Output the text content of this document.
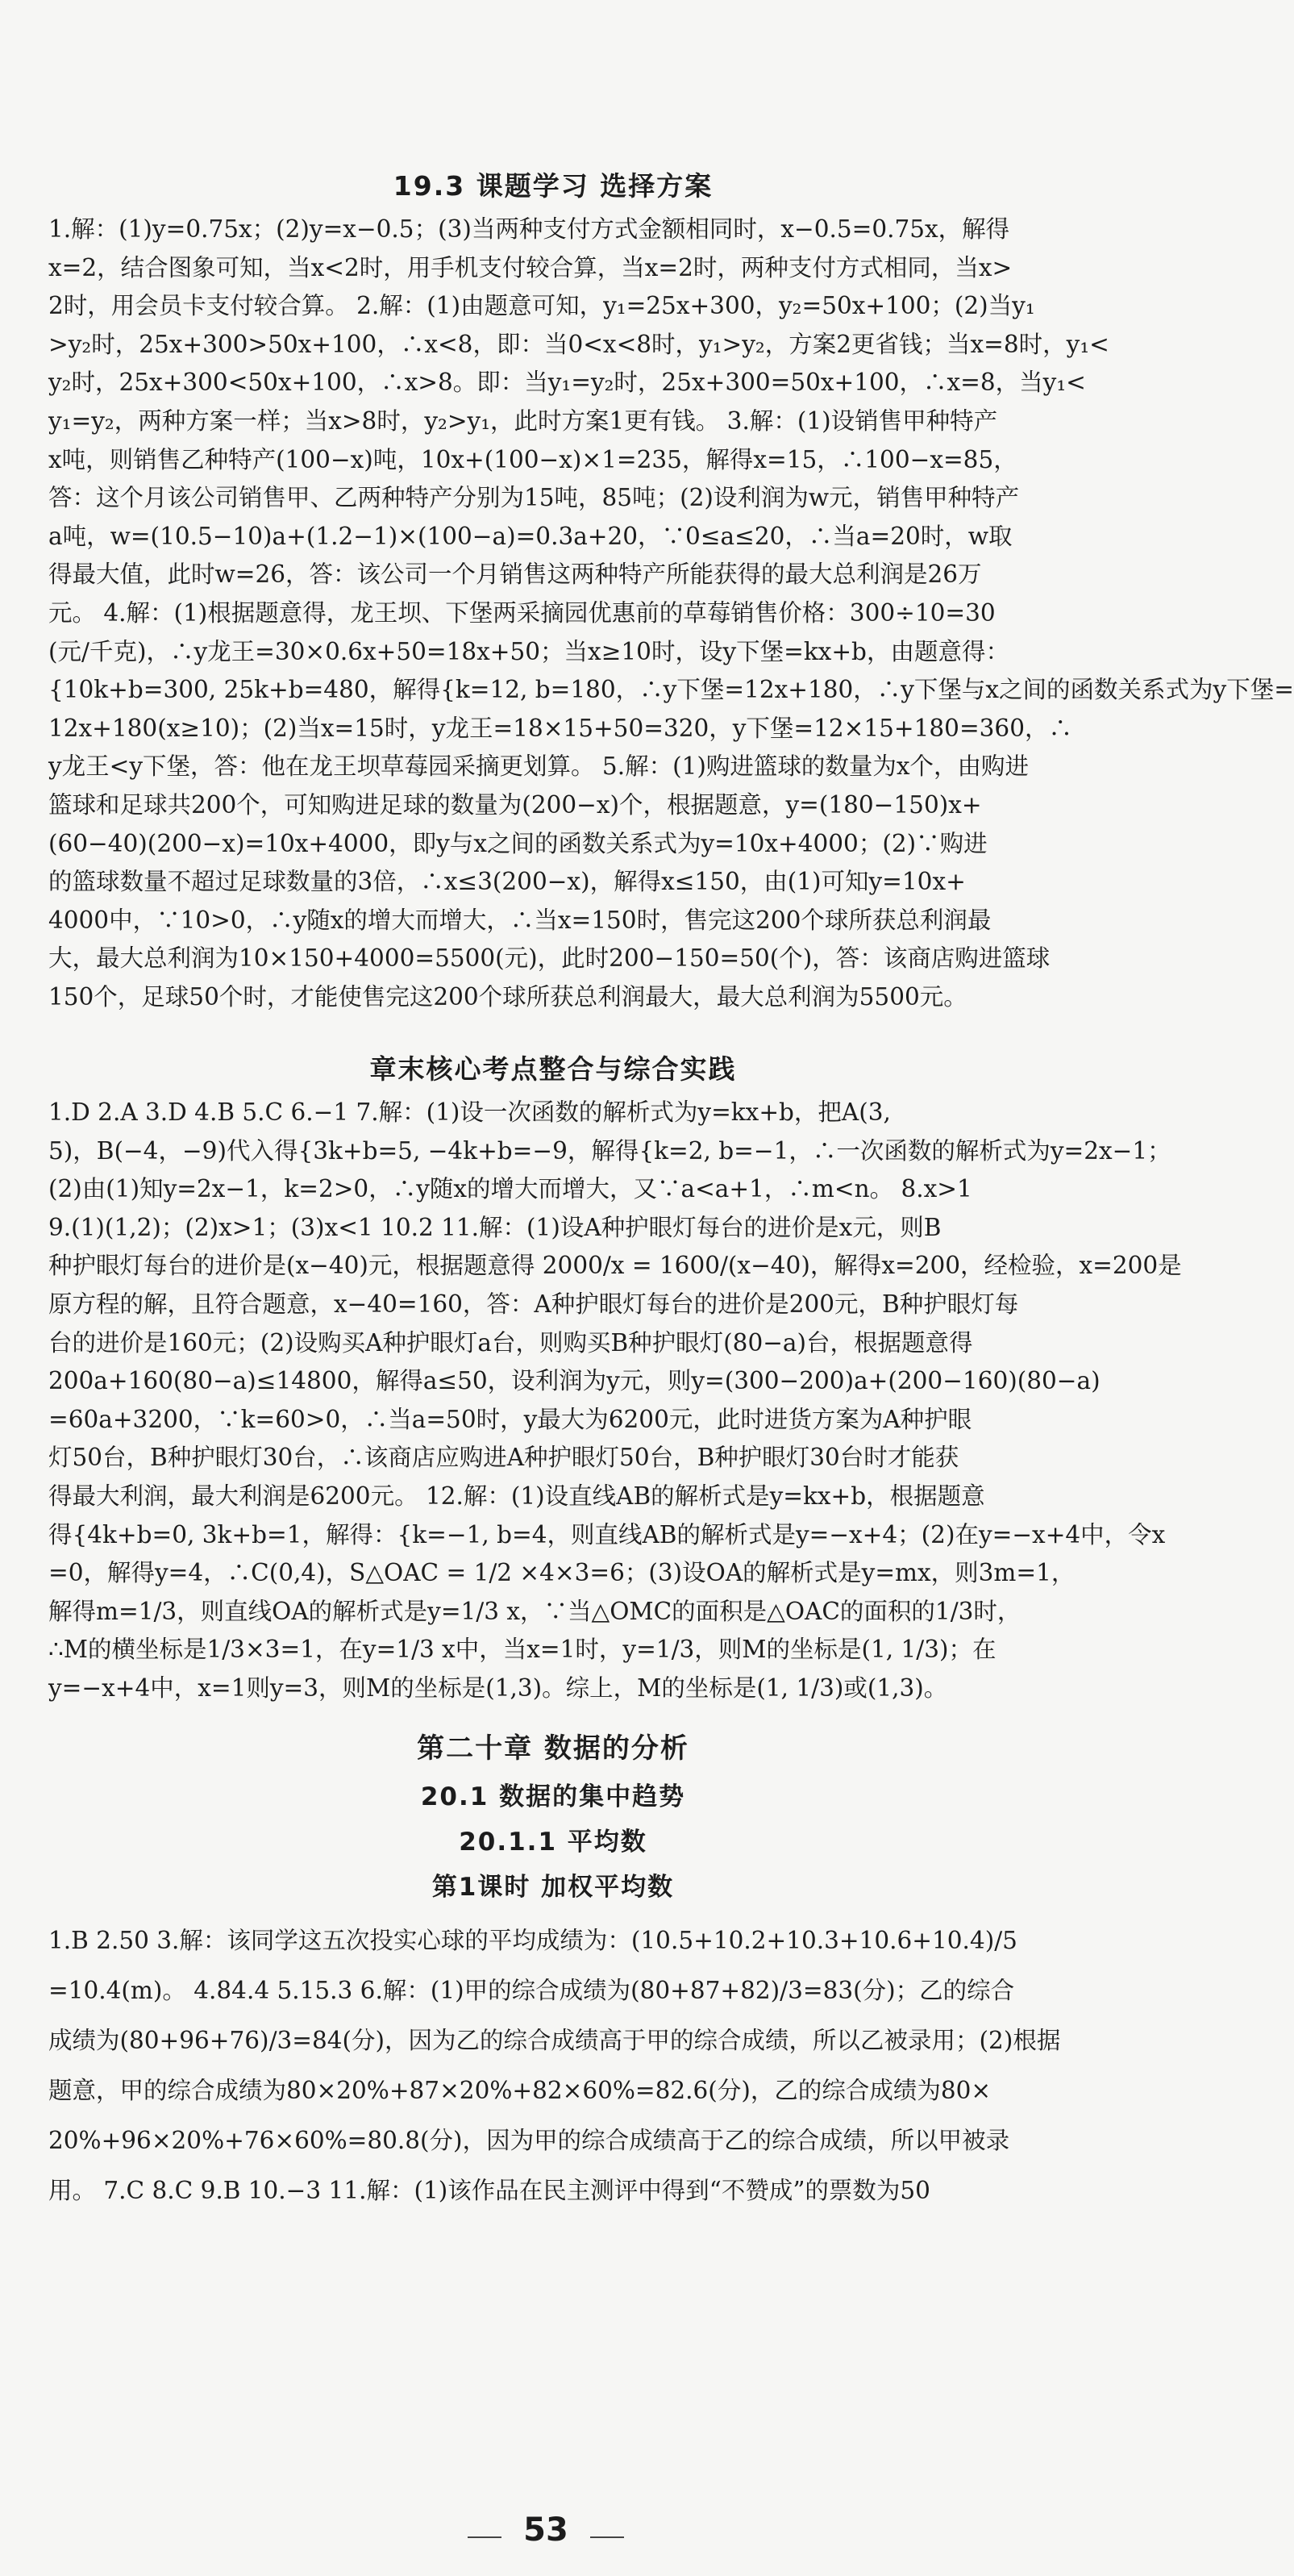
19.3 课题学习 选择方案

1.解：(1)y=0.75x；(2)y=x−0.5；(3)当两种支付方式金额相同时，x−0.5=0.75x，解得

x=2，结合图象可知，当x<2时，用手机支付较合算，当x=2时，两种支付方式相同，当x>

2时，用会员卡支付较合算。 2.解：(1)由题意可知，y₁=25x+300，y₂=50x+100；(2)当y₁

>y₂时，25x+300>50x+100，∴x<8，即：当0<x<8时，y₁>y₂，方案2更省钱；当x=8时，y₁<

y₂时，25x+300<50x+100，∴x>8。即：当y₁=y₂时，25x+300=50x+100，∴x=8，当y₁<

y₁=y₂，两种方案一样；当x>8时，y₂>y₁，此时方案1更有钱。 3.解：(1)设销售甲种特产

x吨，则销售乙种特产(100−x)吨，10x+(100−x)×1=235，解得x=15，∴100−x=85，

答：这个月该公司销售甲、乙两种特产分别为15吨，85吨；(2)设利润为w元，销售甲种特产

a吨，w=(10.5−10)a+(1.2−1)×(100−a)=0.3a+20，∵0≤a≤20，∴当a=20时，w取

得最大值，此时w=26，答：该公司一个月销售这两种特产所能获得的最大总利润是26万

元。 4.解：(1)根据题意得，龙王坝、下堡两采摘园优惠前的草莓销售价格：300÷10=30

(元/千克)，∴y龙王=30×0.6x+50=18x+50；当x≥10时，设y下堡=kx+b，由题意得：

{10k+b=300, 25k+b=480，解得{k=12, b=180，∴y下堡=12x+180，∴y下堡与x之间的函数关系式为y下堡=

12x+180(x≥10)；(2)当x=15时，y龙王=18×15+50=320，y下堡=12×15+180=360，∴

y龙王<y下堡，答：他在龙王坝草莓园采摘更划算。 5.解：(1)购进篮球的数量为x个，由购进

篮球和足球共200个，可知购进足球的数量为(200−x)个，根据题意，y=(180−150)x+

(60−40)(200−x)=10x+4000，即y与x之间的函数关系式为y=10x+4000；(2)∵购进

的篮球数量不超过足球数量的3倍，∴x≤3(200−x)，解得x≤150，由(1)可知y=10x+

4000中，∵10>0，∴y随x的增大而增大，∴当x=150时，售完这200个球所获总利润最

大，最大总利润为10×150+4000=5500(元)，此时200−150=50(个)，答：该商店购进篮球

150个，足球50个时，才能使售完这200个球所获总利润最大，最大总利润为5500元。

章末核心考点整合与综合实践

1.D 2.A 3.D 4.B 5.C 6.−1 7.解：(1)设一次函数的解析式为y=kx+b，把A(3,

5)，B(−4，−9)代入得{3k+b=5, −4k+b=−9，解得{k=2, b=−1，∴一次函数的解析式为y=2x−1；

(2)由(1)知y=2x−1，k=2>0，∴y随x的增大而增大，又∵a<a+1，∴m<n。 8.x>1

9.(1)(1,2)；(2)x>1；(3)x<1 10.2 11.解：(1)设A种护眼灯每台的进价是x元，则B

种护眼灯每台的进价是(x−40)元，根据题意得 2000/x = 1600/(x−40)，解得x=200，经检验，x=200是

原方程的解，且符合题意，x−40=160，答：A种护眼灯每台的进价是200元，B种护眼灯每

台的进价是160元；(2)设购买A种护眼灯a台，则购买B种护眼灯(80−a)台，根据题意得

200a+160(80−a)≤14800，解得a≤50，设利润为y元，则y=(300−200)a+(200−160)(80−a)

=60a+3200，∵k=60>0，∴当a=50时，y最大为6200元，此时进货方案为A种护眼

灯50台，B种护眼灯30台，∴该商店应购进A种护眼灯50台，B种护眼灯30台时才能获

得最大利润，最大利润是6200元。 12.解：(1)设直线AB的解析式是y=kx+b，根据题意

得{4k+b=0, 3k+b=1，解得：{k=−1, b=4，则直线AB的解析式是y=−x+4；(2)在y=−x+4中，令x

=0，解得y=4，∴C(0,4)，S△OAC = 1/2 ×4×3=6；(3)设OA的解析式是y=mx，则3m=1，

解得m=1/3，则直线OA的解析式是y=1/3 x，∵当△OMC的面积是△OAC的面积的1/3时，

∴M的横坐标是1/3×3=1，在y=1/3 x中，当x=1时，y=1/3，则M的坐标是(1, 1/3)；在

y=−x+4中，x=1则y=3，则M的坐标是(1,3)。综上，M的坐标是(1, 1/3)或(1,3)。

第二十章 数据的分析
20.1 数据的集中趋势
20.1.1 平均数
第1课时 加权平均数

1.B 2.50 3.解：该同学这五次投实心球的平均成绩为：(10.5+10.2+10.3+10.6+10.4)/5

=10.4(m)。 4.84.4 5.15.3 6.解：(1)甲的综合成绩为(80+87+82)/3=83(分)；乙的综合

成绩为(80+96+76)/3=84(分)，因为乙的综合成绩高于甲的综合成绩，所以乙被录用；(2)根据

题意，甲的综合成绩为80×20%+87×20%+82×60%=82.6(分)，乙的综合成绩为80×

20%+96×20%+76×60%=80.8(分)，因为甲的综合成绩高于乙的综合成绩，所以甲被录

用。 7.C 8.C 9.B 10.−3 11.解：(1)该作品在民主测评中得到“不赞成”的票数为50

53
